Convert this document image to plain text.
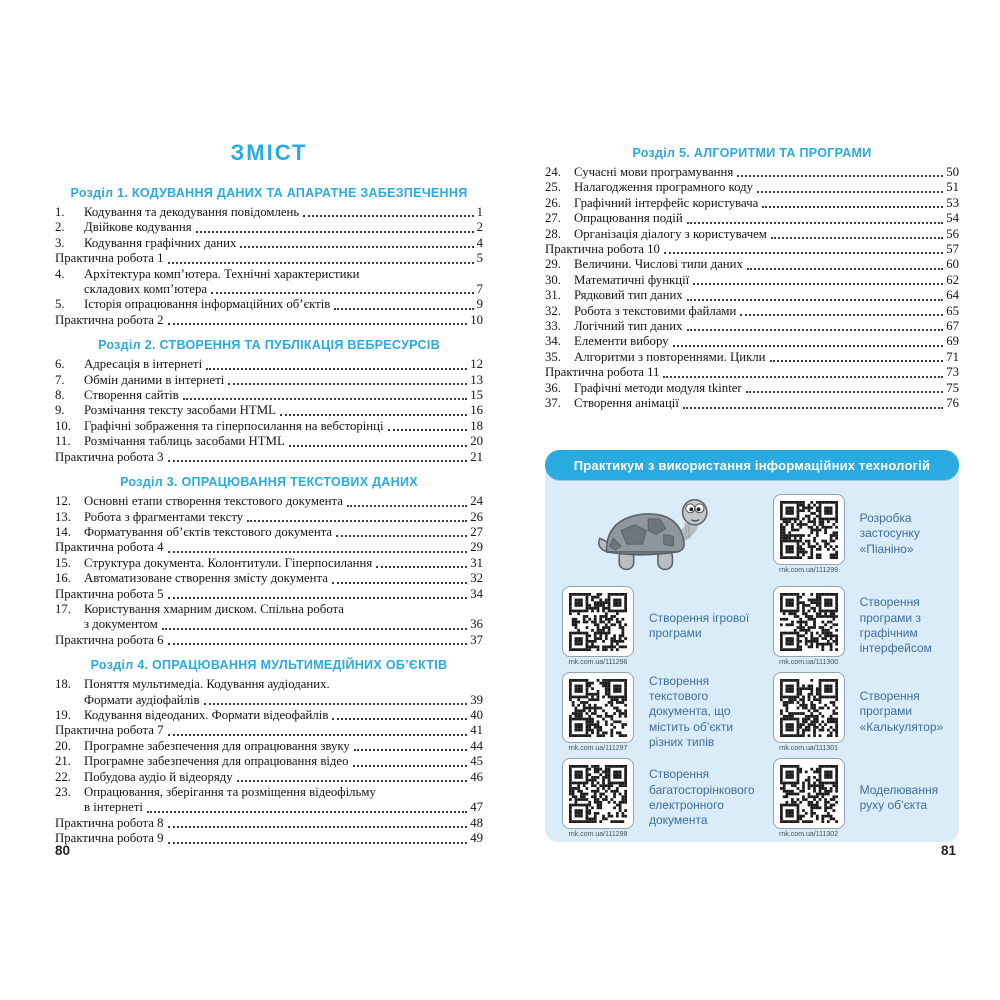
ЗМІСТ
Розділ 1. КОДУВАННЯ ДАНИХ ТА АПАРАТНЕ ЗАБЕЗПЕЧЕННЯ
1.	Кодування та декодування повідомлень	1
2.	Двійкове кодування	2
3.	Кодування графічних даних	4
Практична робота 1	5
4.	Архітектура комп’ютера. Технічні характеристики
складових комп’ютера	7
5.	Історія опрацювання інформаційних об’єктів	9
Практична робота 2	10
Розділ 2. СТВОРЕННЯ ТА ПУБЛІКАЦІЯ ВЕБРЕСУРСІВ
6.	Адресація в інтернеті	12
7.	Обмін даними в інтернеті	13
8.	Створення сайтів	15
9.	Розмічання тексту засобами HTML	16
10.	Графічні зображення та гіперпосилання на вебсторінці	18
11.	Розмічання таблиць засобами HTML	20
Практична робота 3	21
Розділ 3. ОПРАЦЮВАННЯ ТЕКСТОВИХ ДАНИХ
12.	Основні етапи створення текстового документа	24
13.	Робота з фрагментами тексту	26
14.	Форматування об’єктів текстового документа	27
Практична робота 4	29
15.	Структура документа. Колонтитули. Гіперпосилання	31
16.	Автоматизоване створення змісту документа	32
Практична робота 5	34
17.	Користування хмарним диском. Спільна робота
з документом	36
Практична робота 6	37
Розділ 4. ОПРАЦЮВАННЯ МУЛЬТИМЕДІЙНИХ ОБ’ЄКТІВ
18.	Поняття мультимедіа. Кодування аудіоданих.
Формати аудіофайлів	39
19.	Кодування відеоданих. Формати відеофайлів	40
Практична робота 7	41
20.	Програмне забезпечення для опрацювання звуку	44
21.	Програмне забезпечення для опрацювання відео	45
22.	Побудова аудіо й відеоряду	46
23.	Опрацювання, зберігання та розміщення відеофільму
в інтернеті	47
Практична робота 8	48
Практична робота 9	49
Розділ 5. АЛГОРИТМИ ТА ПРОГРАМИ
24.	Сучасні мови програмування	50
25.	Налагодження програмного коду	51
26.	Графічний інтерфейс користувача	53
27.	Опрацювання подій	54
28.	Організація діалогу з користувачем	56
Практична робота 10	57
29.	Величини. Числові типи даних	60
30.	Математичні функції	62
31.	Рядковий тип даних	64
32.	Робота з текстовими файлами	65
33.	Логічний тип даних	67
34.	Елементи вибору	69
35.	Алгоритми з повтореннями. Цикли	71
Практична робота 11	73
36.	Графічні методи модуля tkinter	75
37.	Створення анімації	76
Практикум з використання інформаційних технологій
rnk.com.ua/111299
Розробка застосунку «Піаніно»
rnk.com.ua/111296
Створення ігрової програми
rnk.com.ua/111300
Створення програми з графічним інтерфейсом
rnk.com.ua/111297
Створення текстового документа, що містить об’єкти різних типів	rnk.com.ua/111301
Створення програми «Калькулятор»
rnk.com.ua/111298
Створення багатосторінкового електронного документа
rnk.com.ua/111302
Моделювання руху об’єкта
80	81
